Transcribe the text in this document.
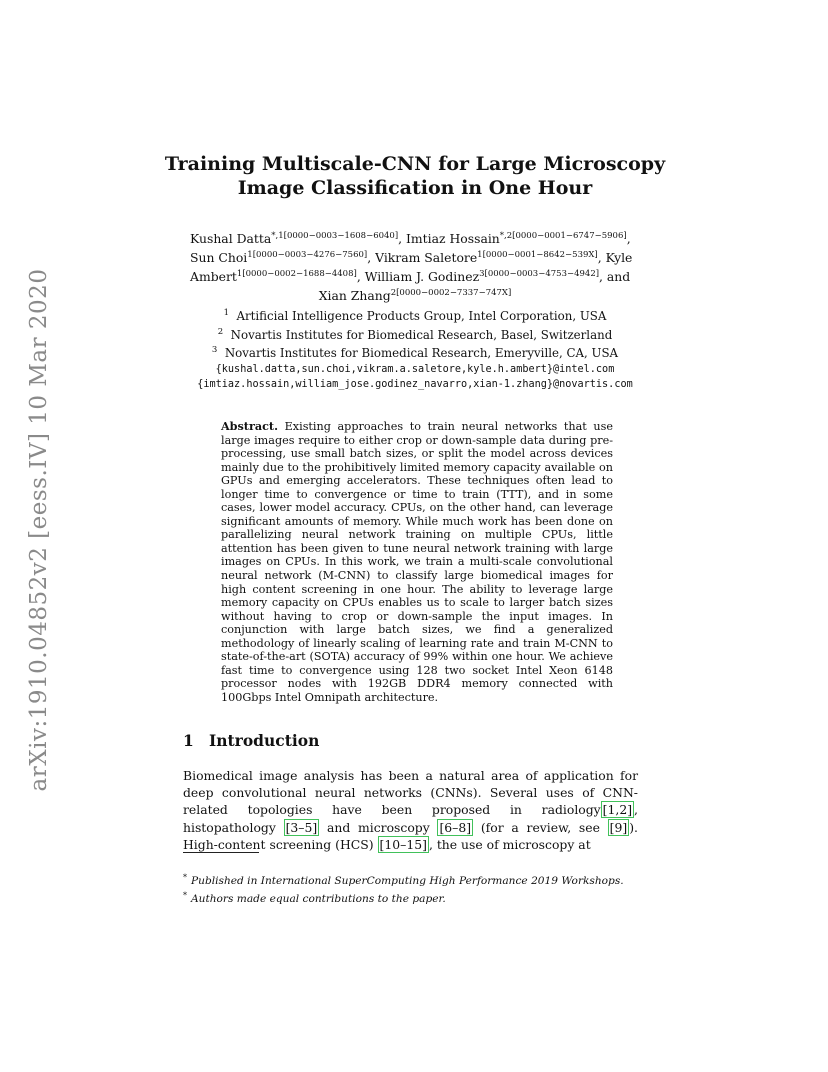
arXiv:1910.04852v2 [eess.IV] 10 Mar 2020
Training Multiscale-CNN for Large Microscopy
Image Classification in One Hour
Kushal Datta$^{*,1[0000-0003-1608-6040]}$, Imtiaz Hossain$^{*,2[0000-0001-6747-5906]}$,
Sun Choi$^{1[0000-0003-4276-7560]}$, Vikram Saletore$^{1[0000-0001-8642-539X]}$, Kyle
Ambert$^{1[0000-0002-1688-4408]}$, William J. Godinez$^{3[0000-0003-4753-4942]}$, and
Xian Zhang$^{2[0000-0002-7337-747X]}$
$^1$ Artificial Intelligence Products Group, Intel Corporation, USA
$^2$ Novartis Institutes for Biomedical Research, Basel, Switzerland
$^3$ Novartis Institutes for Biomedical Research, Emeryville, CA, USA
{kushal.datta,sun.choi,vikram.a.saletore,kyle.h.ambert}@intel.com
{imtiaz.hossain,william_jose.godinez_navarro,xian-1.zhang}@novartis.com
Abstract. Existing approaches to train neural networks that use large images require to either crop or down-sample data during pre-processing, use small batch sizes, or split the model across devices mainly due to the prohibitively limited memory capacity available on GPUs and emerging accelerators. These techniques often lead to longer time to convergence or time to train (TTT), and in some cases, lower model accuracy. CPUs, on the other hand, can leverage significant amounts of memory. While much work has been done on parallelizing neural network training on multiple CPUs, little attention has been given to tune neural network training with large images on CPUs. In this work, we train a multi-scale convolutional neural network (M-CNN) to classify large biomedical images for high content screening in one hour. The ability to leverage large memory capacity on CPUs enables us to scale to larger batch sizes without having to crop or down-sample the input images. In conjunction with large batch sizes, we find a generalized methodology of linearly scaling of learning rate and train M-CNN to state-of-the-art (SOTA) accuracy of 99% within one hour. We achieve fast time to convergence using 128 two socket Intel Xeon 6148 processor nodes with 192GB DDR4 memory connected with 100Gbps Intel Omnipath architecture.
1 Introduction
Biomedical image analysis has been a natural area of application for deep convolutional neural networks (CNNs). Several uses of CNN-related topologies have been proposed in radiology [1,2] , histopathology [3–5] and microscopy [6–8] (for a review, see [9] ). High-content screening (HCS) [10–15] , the use of microscopy at
* Published in International SuperComputing High Performance 2019 Workshops.
* Authors made equal contributions to the paper.
